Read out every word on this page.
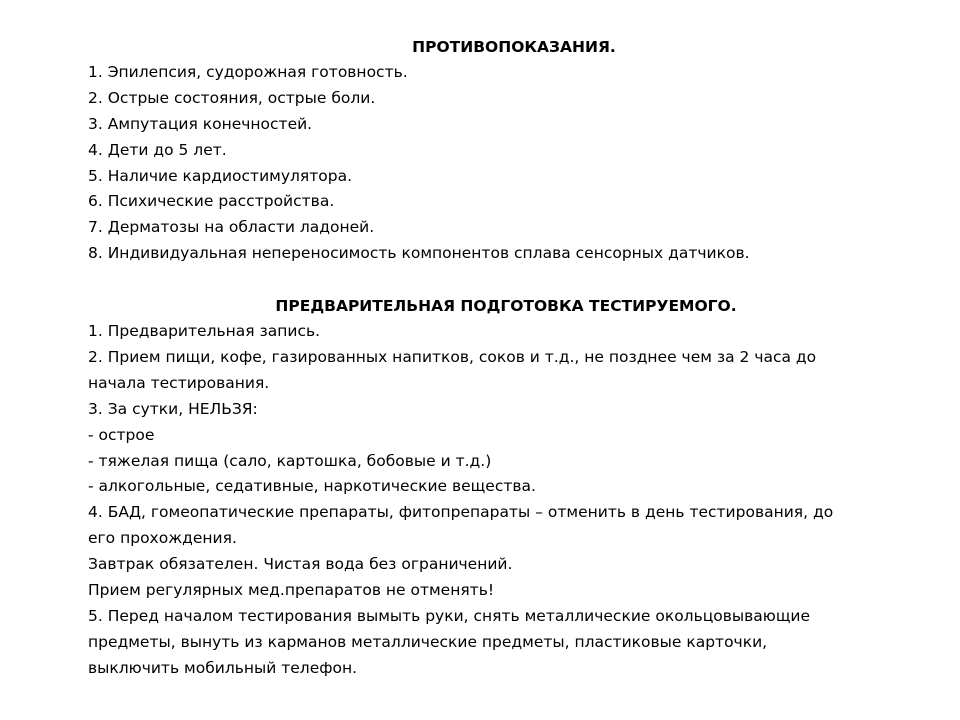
ПРОТИВОПОКАЗАНИЯ.
1. Эпилепсия, судорожная готовность.
2. Острые состояния, острые боли.
3. Ампутация конечностей.
4. Дети до 5 лет.
5. Наличие кардиостимулятора.
6. Психические расстройства.
7. Дерматозы на области ладоней.
8. Индивидуальная непереносимость компонентов сплава сенсорных датчиков.
ПРЕДВАРИТЕЛЬНАЯ ПОДГОТОВКА ТЕСТИРУЕМОГО.
1. Предварительная запись.
2. Прием пищи, кофе, газированных напитков, соков и т.д., не позднее чем за 2 часа до
начала тестирования.
3. За сутки, НЕЛЬЗЯ:
- острое
- тяжелая пища (сало, картошка, бобовые и т.д.)
- алкогольные, седативные, наркотические вещества.
4. БАД, гомеопатические препараты, фитопрепараты – отменить в день тестирования, до
его прохождения.
Завтрак обязателен. Чистая вода без ограничений.
Прием регулярных мед.препаратов не отменять!
5. Перед началом тестирования вымыть руки, снять металлические окольцовывающие
предметы, вынуть из карманов металлические предметы, пластиковые карточки,
выключить мобильный телефон.
